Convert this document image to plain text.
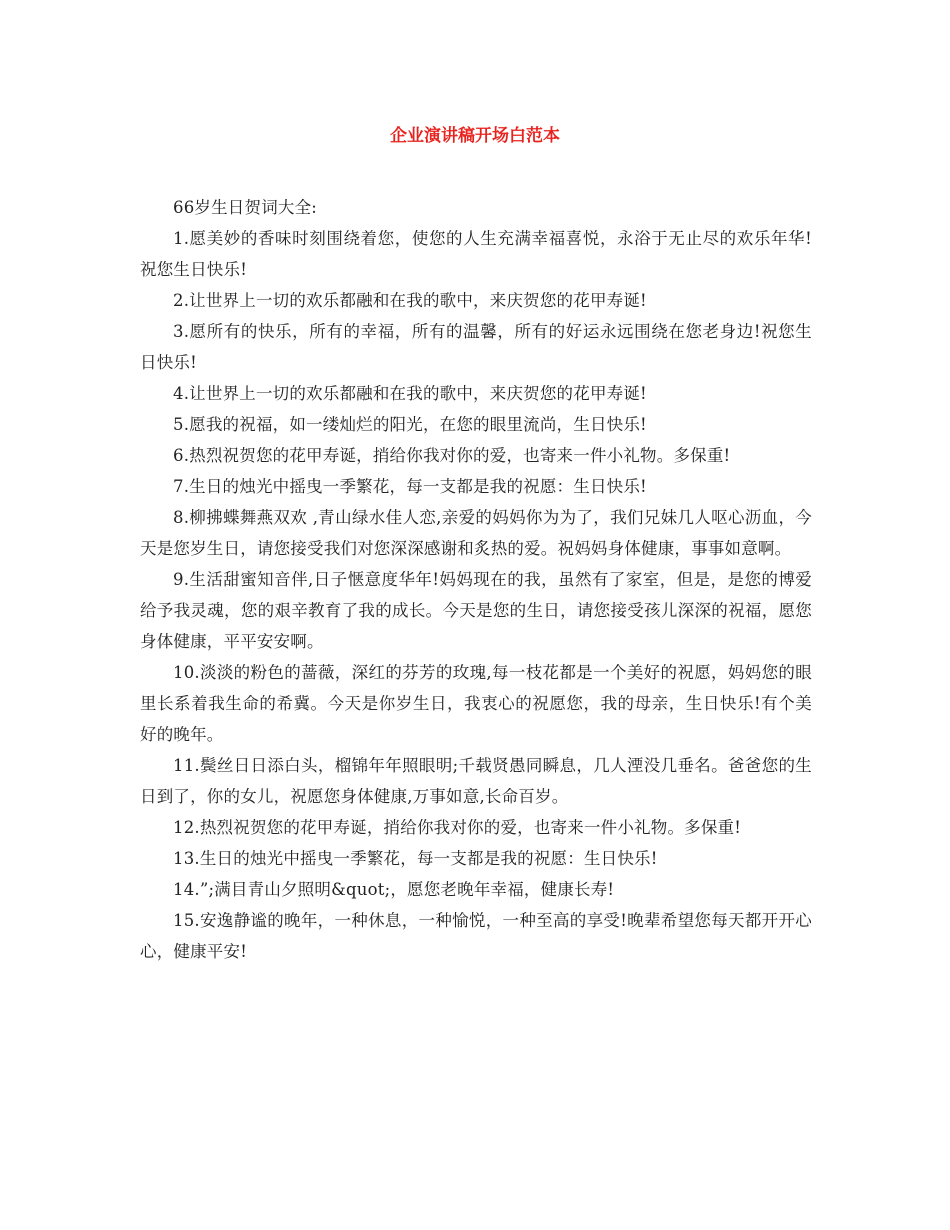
企业演讲稿开场白范本

66岁生日贺词大全:

1.愿美妙的香味时刻围绕着您，使您的人生充满幸福喜悦，永浴于无止尽的欢乐年华!祝您生日快乐!

2.让世界上一切的欢乐都融和在我的歌中，来庆贺您的花甲寿诞!

3.愿所有的快乐，所有的幸福，所有的温馨，所有的好运永远围绕在您老身边!祝您生日快乐!

4.让世界上一切的欢乐都融和在我的歌中，来庆贺您的花甲寿诞!

5.愿我的祝福，如一缕灿烂的阳光，在您的眼里流尚，生日快乐!

6.热烈祝贺您的花甲寿诞，捎给你我对你的爱，也寄来一件小礼物。多保重!

7.生日的烛光中摇曳一季繁花，每一支都是我的祝愿：生日快乐!

8.柳拂蝶舞燕双欢 ,青山绿水佳人恋,亲爱的妈妈你为为了，我们兄妹几人呕心沥血，今天是您岁生日，请您接受我们对您深深感谢和炙热的爱。祝妈妈身体健康，事事如意啊。

9.生活甜蜜知音伴,日子惬意度华年!妈妈现在的我，虽然有了家室，但是，是您的博爱给予我灵魂，您的艰辛教育了我的成长。今天是您的生日，请您接受孩儿深深的祝福，愿您身体健康，平平安安啊。

10.淡淡的粉色的蔷薇，深红的芬芳的玫瑰,每一枝花都是一个美好的祝愿，妈妈您的眼里长系着我生命的希冀。今天是你岁生日，我衷心的祝愿您，我的母亲，生日快乐!有个美好的晚年。

11.鬓丝日日添白头，榴锦年年照眼明;千载贤愚同瞬息，几人湮没几垂名。爸爸您的生日到了，你的女儿，祝愿您身体健康,万事如意,长命百岁。

12.热烈祝贺您的花甲寿诞，捎给你我对你的爱，也寄来一件小礼物。多保重!

13.生日的烛光中摇曳一季繁花，每一支都是我的祝愿：生日快乐!

14.”;满目青山夕照明&quot;，愿您老晚年幸福，健康长寿!

15.安逸静谧的晚年，一种休息，一种愉悦，一种至高的享受!晚辈希望您每天都开开心心，健康平安!
